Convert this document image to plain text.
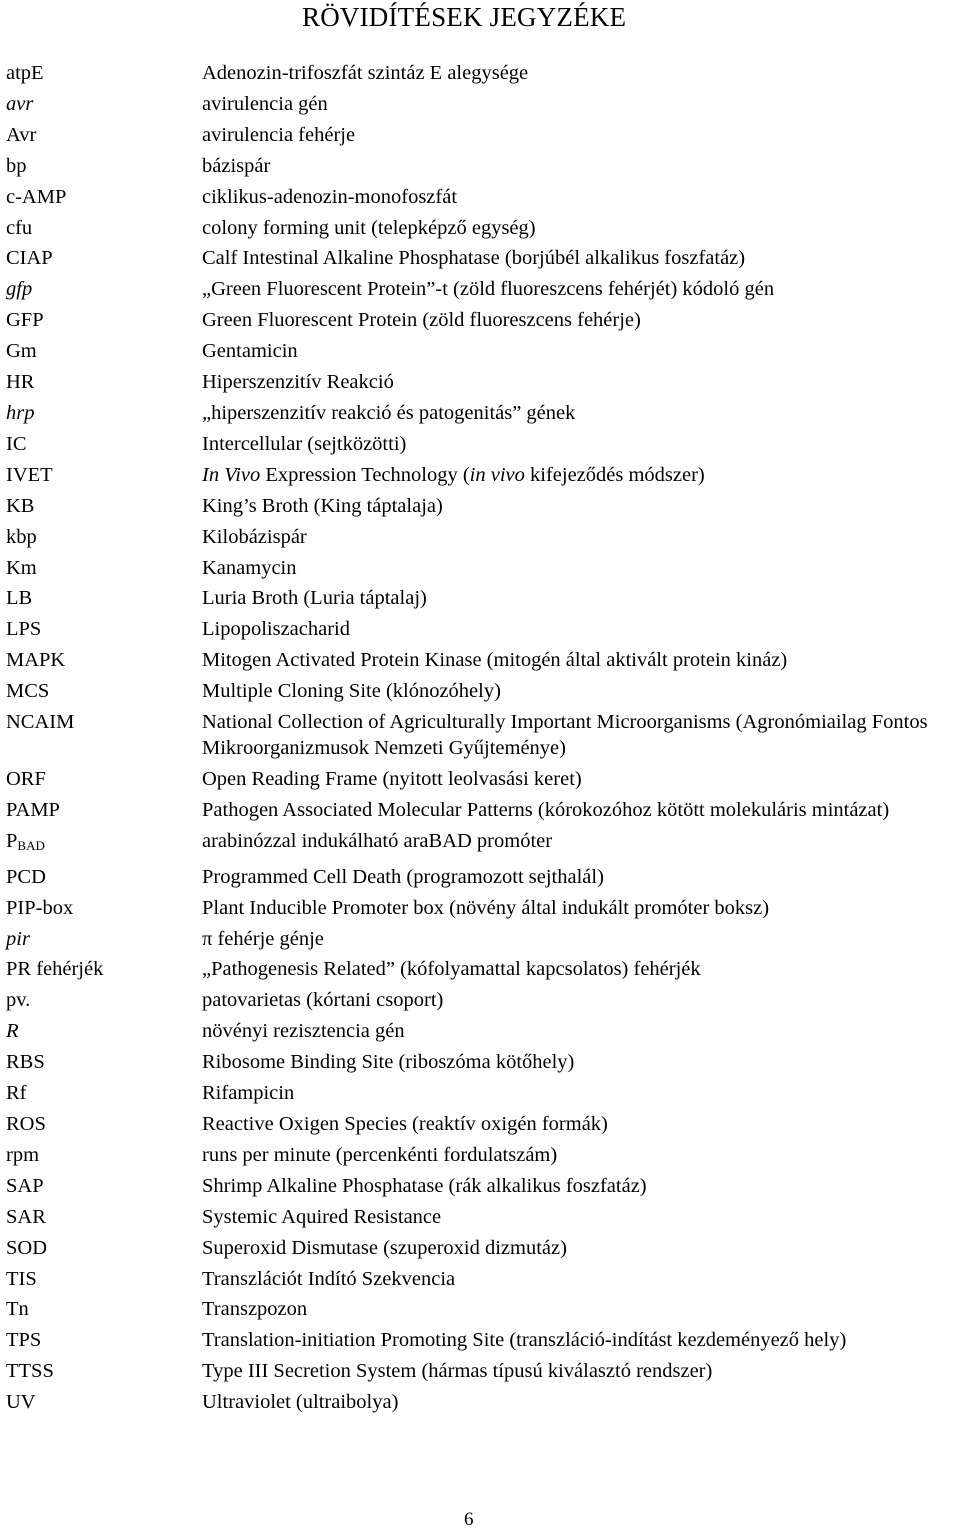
RÖVIDÍTÉSEK JEGYZÉKE
atpE	Adenozin-trifoszfát szintáz E alegysége
avr	avirulencia gén
Avr	avirulencia fehérje
bp	bázispár
c-AMP	ciklikus-adenozin-monofoszfát
cfu	colony forming unit (telepképző egység)
CIAP	Calf Intestinal Alkaline Phosphatase (borjúbél alkalikus foszfatáz)
gfp	„Green Fluorescent Protein”-t (zöld fluoreszcens fehérjét) kódoló gén
GFP	Green Fluorescent Protein (zöld fluoreszcens fehérje)
Gm	Gentamicin
HR	Hiperszenzitív Reakció
hrp	„hiperszenzitív reakció és patogenitás” gének
IC	Intercellular (sejtközötti)
IVET	In Vivo Expression Technology (in vivo kifejeződés módszer)
KB	King’s Broth (King táptalaja)
kbp	Kilobázispár
Km	Kanamycin
LB	Luria Broth (Luria táptalaj)
LPS	Lipopoliszacharid
MAPK	Mitogen Activated Protein Kinase (mitogén által aktivált protein kináz)
MCS	Multiple Cloning Site (klónozóhely)
NCAIM	National Collection of Agriculturally Important Microorganisms (Agronómiailag Fontos Mikroorganizmusok Nemzeti Gyűjteménye)
ORF	Open Reading Frame (nyitott leolvasási keret)
PAMP	Pathogen Associated Molecular Patterns (kórokozóhoz kötött molekuláris mintázat)
$P_{BAD}$	arabinózzal indukálható araBAD promóter
PCD	Programmed Cell Death (programozott sejthalál)
PIP-box	Plant Inducible Promoter box (növény által indukált promóter boksz)
pir	π fehérje génje
PR fehérjék	„Pathogenesis Related” (kófolyamattal kapcsolatos) fehérjék
pv.	patovarietas (kórtani csoport)
R	növényi rezisztencia gén
RBS	Ribosome Binding Site (riboszóma kötőhely)
Rf	Rifampicin
ROS	Reactive Oxigen Species (reaktív oxigén formák)
rpm	runs per minute (percenkénti fordulatszám)
SAP	Shrimp Alkaline Phosphatase (rák alkalikus foszfatáz)
SAR	Systemic Aquired Resistance
SOD	Superoxid Dismutase (szuperoxid dizmutáz)
TIS	Transzlációt Indító Szekvencia
Tn	Transzpozon
TPS	Translation-initiation Promoting Site (transzláció-indítást kezdeményező hely)
TTSS	Type III Secretion System (hármas típusú kiválasztó rendszer)
UV	Ultraviolet (ultraibolya)
6
